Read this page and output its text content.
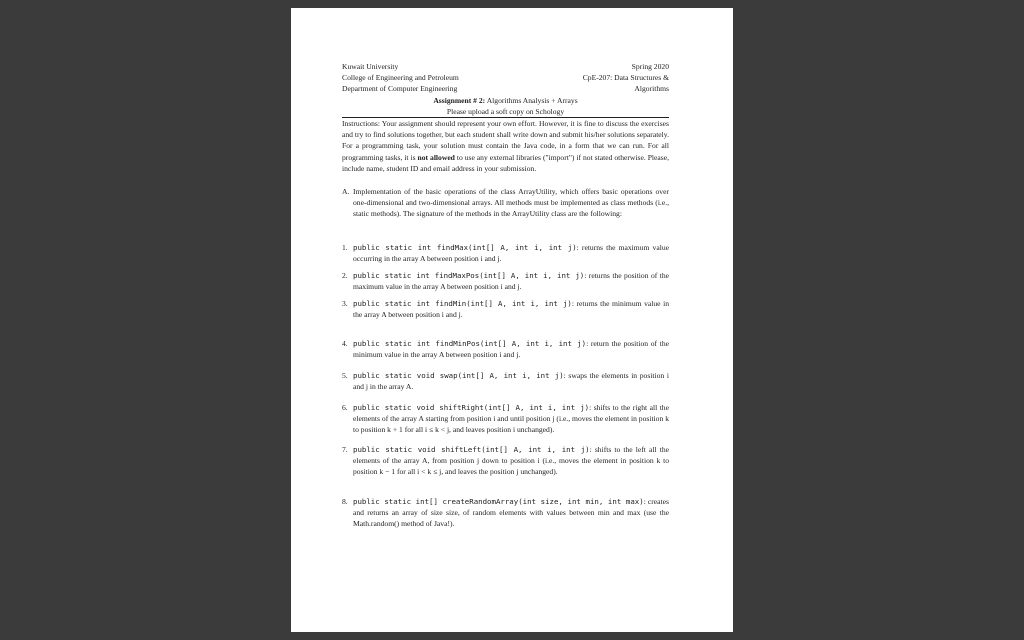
Kuwait University	Spring 2020
College of Engineering and Petroleum	CpE-207: Data Structures &
Department of Computer Engineering	Algorithms
Assignment # 2: Algorithms Analysis + Arrays
Please upload a soft copy on Schology
Instructions: Your assignment should represent your own effort. However, it is fine to discuss the exercises and try to find solutions together, but each student shall write down and submit his/her solutions separately. For a programming task, your solution must contain the Java code, in a form that we can run. For all programming tasks, it is not allowed to use any external libraries ("import") if not stated otherwise. Please, include name, student ID and email address in your submission.
A. Implementation of the basic operations of the class ArrayUtility, which offers basic operations over one-dimensional and two-dimensional arrays. All methods must be implemented as class methods (i.e., static methods). The signature of the methods in the ArrayUtility class are the following:
1. public static int findMax(int[] A, int i, int j): returns the maximum value occurring in the array A between position i and j.
2. public static int findMaxPos(int[] A, int i, int j): returns the position of the maximum value in the array A between position i and j.
3. public static int findMin(int[] A, int i, int j): returns the minimum value in the array A between position i and j.
4. public static int findMinPos(int[] A, int i, int j): return the position of the minimum value in the array A between position i and j.
5. public static void swap(int[] A, int i, int j): swaps the elements in position i and j in the array A.
6. public static void shiftRight(int[] A, int i, int j): shifts to the right all the elements of the array A starting from position i and until position j (i.e., moves the element in position k to position k + 1 for all i ≤ k < j, and leaves position i unchanged).
7. public static void shiftLeft(int[] A, int i, int j): shifts to the left all the elements of the array A, from position j down to position i (i.e., moves the element in position k to position k − 1 for all i < k ≤ j, and leaves the position j unchanged).
8. public static int[] createRandomArray(int size, int min, int max): creates and returns an array of size size, of random elements with values between min and max (use the Math.random() method of Java!).
